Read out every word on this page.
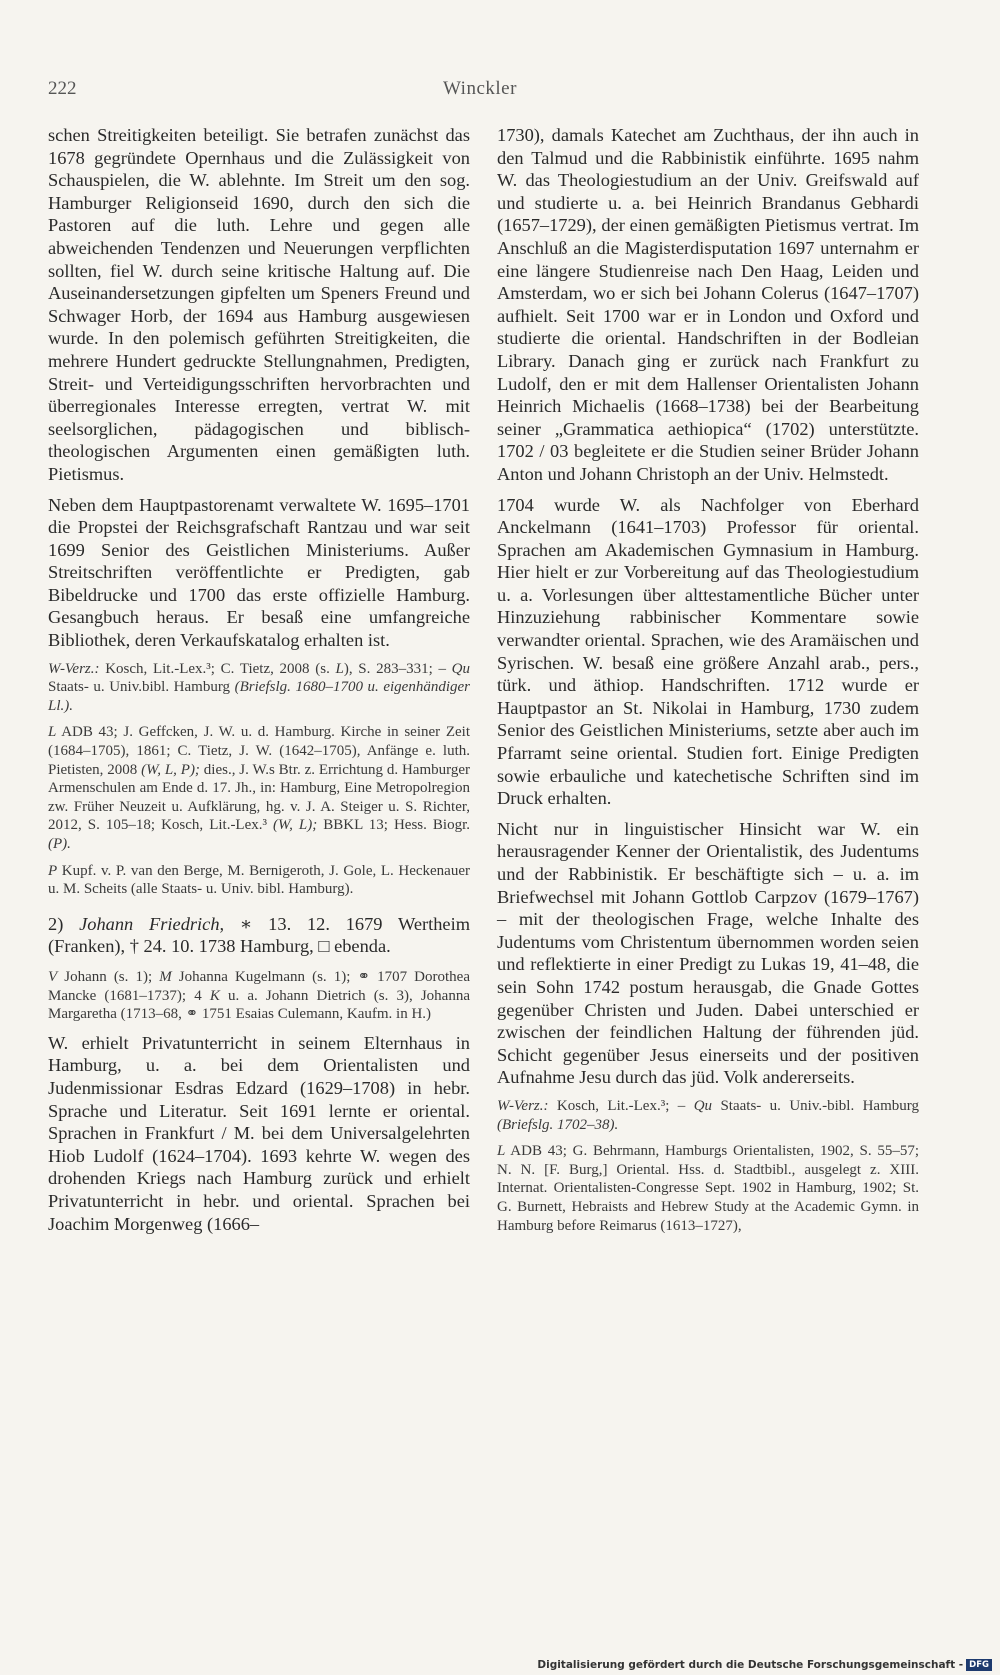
222	Winckler

schen Streitigkeiten beteiligt. Sie betrafen zunächst das 1678 gegründete Opernhaus und die Zulässigkeit von Schauspielen, die W. ablehnte. Im Streit um den sog. Hamburger Religionseid 1690, durch den sich die Pastoren auf die luth. Lehre und gegen alle abweichenden Tendenzen und Neuerungen verpflichten sollten, fiel W. durch seine kritische Haltung auf. Die Auseinandersetzungen gipfelten um Speners Freund und Schwager Horb, der 1694 aus Hamburg ausgewiesen wurde. In den polemisch geführten Streitigkeiten, die mehrere Hundert gedruckte Stellungnahmen, Predigten, Streit- und Verteidigungsschriften hervorbrachten und überregionales Interesse erregten, vertrat W. mit seelsorglichen, pädagogischen und biblisch-theologischen Argumenten einen gemäßigten luth. Pietismus.

Neben dem Hauptpastorenamt verwaltete W. 1695–1701 die Propstei der Reichsgrafschaft Rantzau und war seit 1699 Senior des Geistlichen Ministeriums. Außer Streitschriften veröffentlichte er Predigten, gab Bibeldrucke und 1700 das erste offizielle Hamburg. Gesangbuch heraus. Er besaß eine umfangreiche Bibliothek, deren Verkaufskatalog erhalten ist.

W-Verz.: Kosch, Lit.-Lex.³; C. Tietz, 2008 (s. L), S. 283–331; – Qu Staats- u. Univ.bibl. Hamburg (Briefslg. 1680–1700 u. eigenhändiger Ll.).

L ADB 43; J. Geffcken, J. W. u. d. Hamburg. Kirche in seiner Zeit (1684–1705), 1861; C. Tietz, J. W. (1642–1705), Anfänge e. luth. Pietisten, 2008 (W, L, P); dies., J. W.s Btr. z. Errichtung d. Hamburger Armenschulen am Ende d. 17. Jh., in: Hamburg, Eine Metropolregion zw. Früher Neuzeit u. Aufklärung, hg. v. J. A. Steiger u. S. Richter, 2012, S. 105–18; Kosch, Lit.-Lex.³ (W, L); BBKL 13; Hess. Biogr. (P).

P Kupf. v. P. van den Berge, M. Bernigeroth, J. Gole, L. Heckenauer u. M. Scheits (alle Staats- u. Univ. bibl. Hamburg).

2) Johann Friedrich, ∗ 13. 12. 1679 Wertheim (Franken), † 24. 10. 1738 Hamburg, □ ebenda.

V Johann (s. 1); M Johanna Kugelmann (s. 1); ⚭ 1707 Dorothea Mancke (1681–1737); 4 K u. a. Johann Dietrich (s. 3), Johanna Margaretha (1713–68, ⚭ 1751 Esaias Culemann, Kaufm. in H.)

W. erhielt Privatunterricht in seinem Elternhaus in Hamburg, u. a. bei dem Orientalisten und Judenmissionar Esdras Edzard (1629–1708) in hebr. Sprache und Literatur. Seit 1691 lernte er oriental. Sprachen in Frankfurt / M. bei dem Universalgelehrten Hiob Ludolf (1624–1704). 1693 kehrte W. wegen des drohenden Kriegs nach Hamburg zurück und erhielt Privatunterricht in hebr. und oriental. Sprachen bei Joachim Morgenweg (1666–

1730), damals Katechet am Zuchthaus, der ihn auch in den Talmud und die Rabbinistik einführte. 1695 nahm W. das Theologiestudium an der Univ. Greifswald auf und studierte u. a. bei Heinrich Brandanus Gebhardi (1657–1729), der einen gemäßigten Pietismus vertrat. Im Anschluß an die Magisterdisputation 1697 unternahm er eine längere Studienreise nach Den Haag, Leiden und Amsterdam, wo er sich bei Johann Colerus (1647–1707) aufhielt. Seit 1700 war er in London und Oxford und studierte die oriental. Handschriften in der Bodleian Library. Danach ging er zurück nach Frankfurt zu Ludolf, den er mit dem Hallenser Orientalisten Johann Heinrich Michaelis (1668–1738) bei der Bearbeitung seiner „Grammatica aethiopica“ (1702) unterstützte. 1702 / 03 begleitete er die Studien seiner Brüder Johann Anton und Johann Christoph an der Univ. Helmstedt.

1704 wurde W. als Nachfolger von Eberhard Anckelmann (1641–1703) Professor für oriental. Sprachen am Akademischen Gymnasium in Hamburg. Hier hielt er zur Vorbereitung auf das Theologiestudium u. a. Vorlesungen über alttestamentliche Bücher unter Hinzuziehung rabbinischer Kommentare sowie verwandter oriental. Sprachen, wie des Aramäischen und Syrischen. W. besaß eine größere Anzahl arab., pers., türk. und äthiop. Handschriften. 1712 wurde er Hauptpastor an St. Nikolai in Hamburg, 1730 zudem Senior des Geistlichen Ministeriums, setzte aber auch im Pfarramt seine oriental. Studien fort. Einige Predigten sowie erbauliche und katechetische Schriften sind im Druck erhalten.

Nicht nur in linguistischer Hinsicht war W. ein herausragender Kenner der Orientalistik, des Judentums und der Rabbinistik. Er beschäftigte sich – u. a. im Briefwechsel mit Johann Gottlob Carpzov (1679–1767) – mit der theologischen Frage, welche Inhalte des Judentums vom Christentum übernommen worden seien und reflektierte in einer Predigt zu Lukas 19, 41–48, die sein Sohn 1742 postum herausgab, die Gnade Gottes gegenüber Christen und Juden. Dabei unterschied er zwischen der feindlichen Haltung der führenden jüd. Schicht gegenüber Jesus einerseits und der positiven Aufnahme Jesu durch das jüd. Volk andererseits.

W-Verz.: Kosch, Lit.-Lex.³; – Qu Staats- u. Univ.-bibl. Hamburg (Briefslg. 1702–38).

L ADB 43; G. Behrmann, Hamburgs Orientalisten, 1902, S. 55–57; N. N. [F. Burg,] Oriental. Hss. d. Stadtbibl., ausgelegt z. XIII. Internat. Orientalisten-Congresse Sept. 1902 in Hamburg, 1902; St. G. Burnett, Hebraists and Hebrew Study at the Academic Gymn. in Hamburg before Reimarus (1613–1727),

Digitalisierung gefördert durch die Deutsche Forschungsgemeinschaft - DFG
